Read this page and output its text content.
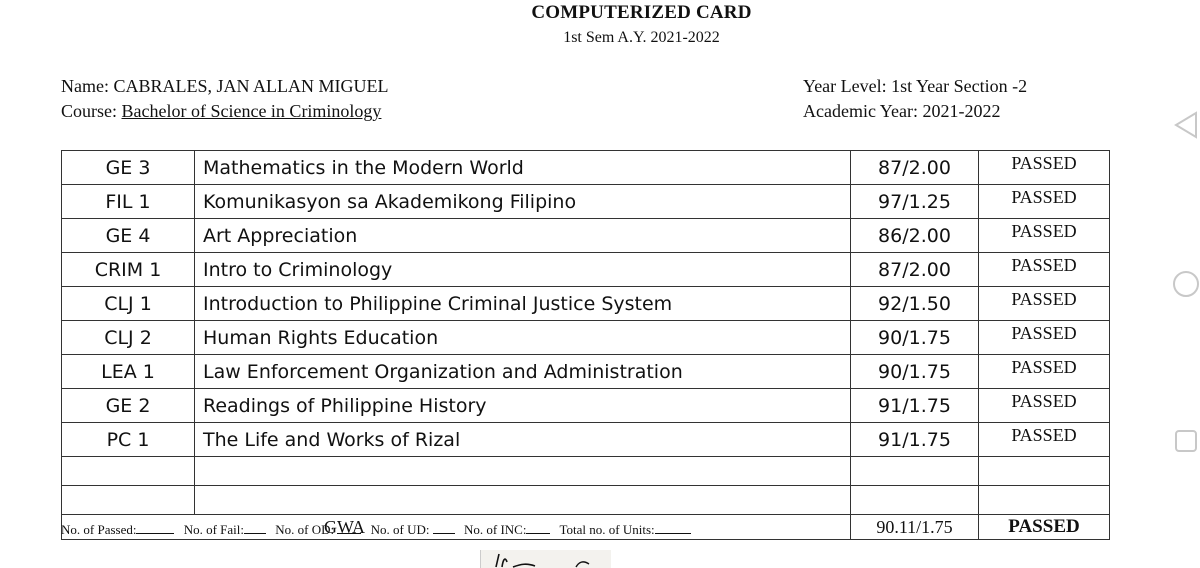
COMPUTERIZED CARD
1st Sem A.Y. 2021-2022
Name: CABRALES, JAN ALLAN MIGUEL
Course: Bachelor of Science in Criminology
Year Level: 1st Year Section -2
Academic Year: 2021-2022
GE 3	Mathematics in the Modern World	87/2.00	PASSED
FIL 1	Komunikasyon sa Akademikong Filipino	97/1.25	PASSED
GE 4	Art Appreciation	86/2.00	PASSED
CRIM 1	Intro to Criminology	87/2.00	PASSED
CLJ 1	Introduction to Philippine Criminal Justice System	92/1.50	PASSED
CLJ 2	Human Rights Education	90/1.75	PASSED
LEA 1	Law Enforcement Organization and Administration	90/1.75	PASSED
GE 2	Readings of Philippine History	91/1.75	PASSED
PC 1	The Life and Works of Rizal	91/1.75	PASSED

GWA		90.11/1.75	PASSED
No. of Passed:	No. of Fail: No. of OD:	No. of UD:	No. of INC:	Total no. of Units:
